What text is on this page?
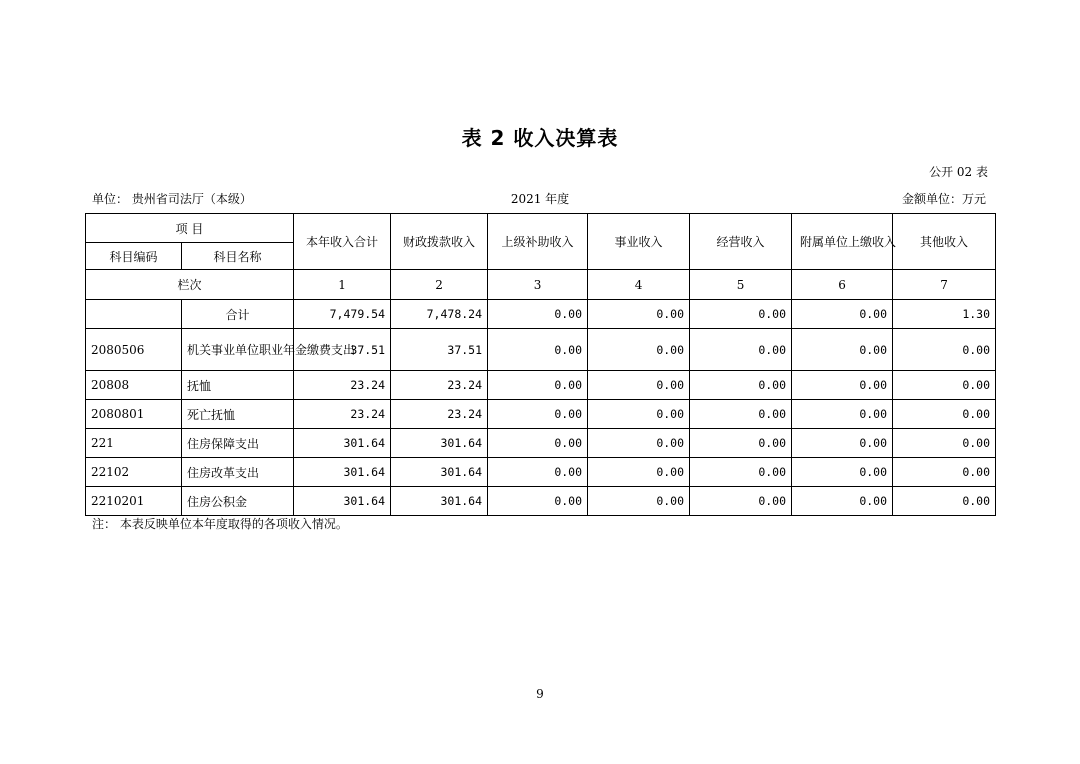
表 2 收入决算表
公开 02 表
单位： 贵州省司法厅（本级）	2021 年度	金额单位：万元
项 目		本年收入合计	财政拨款收入	上级补助收入	事业收入	经营收入	附属单位上缴收入	其他收入
科目编码	科目名称							
栏次		1	2	3	4	5	6	7
	合计	7,479.54	7,478.24	0.00	0.00	0.00	0.00	1.30
2080506	机关事业单位职业年金缴费支出	37.51	37.51	0.00	0.00	0.00	0.00	0.00
20808	抚恤	23.24	23.24	0.00	0.00	0.00	0.00	0.00
2080801	死亡抚恤	23.24	23.24	0.00	0.00	0.00	0.00	0.00
221	住房保障支出	301.64	301.64	0.00	0.00	0.00	0.00	0.00
22102	住房改革支出	301.64	301.64	0.00	0.00	0.00	0.00	0.00
2210201	住房公积金	301.64	301.64	0.00	0.00	0.00	0.00	0.00
注： 本表反映单位本年度取得的各项收入情况。
9
